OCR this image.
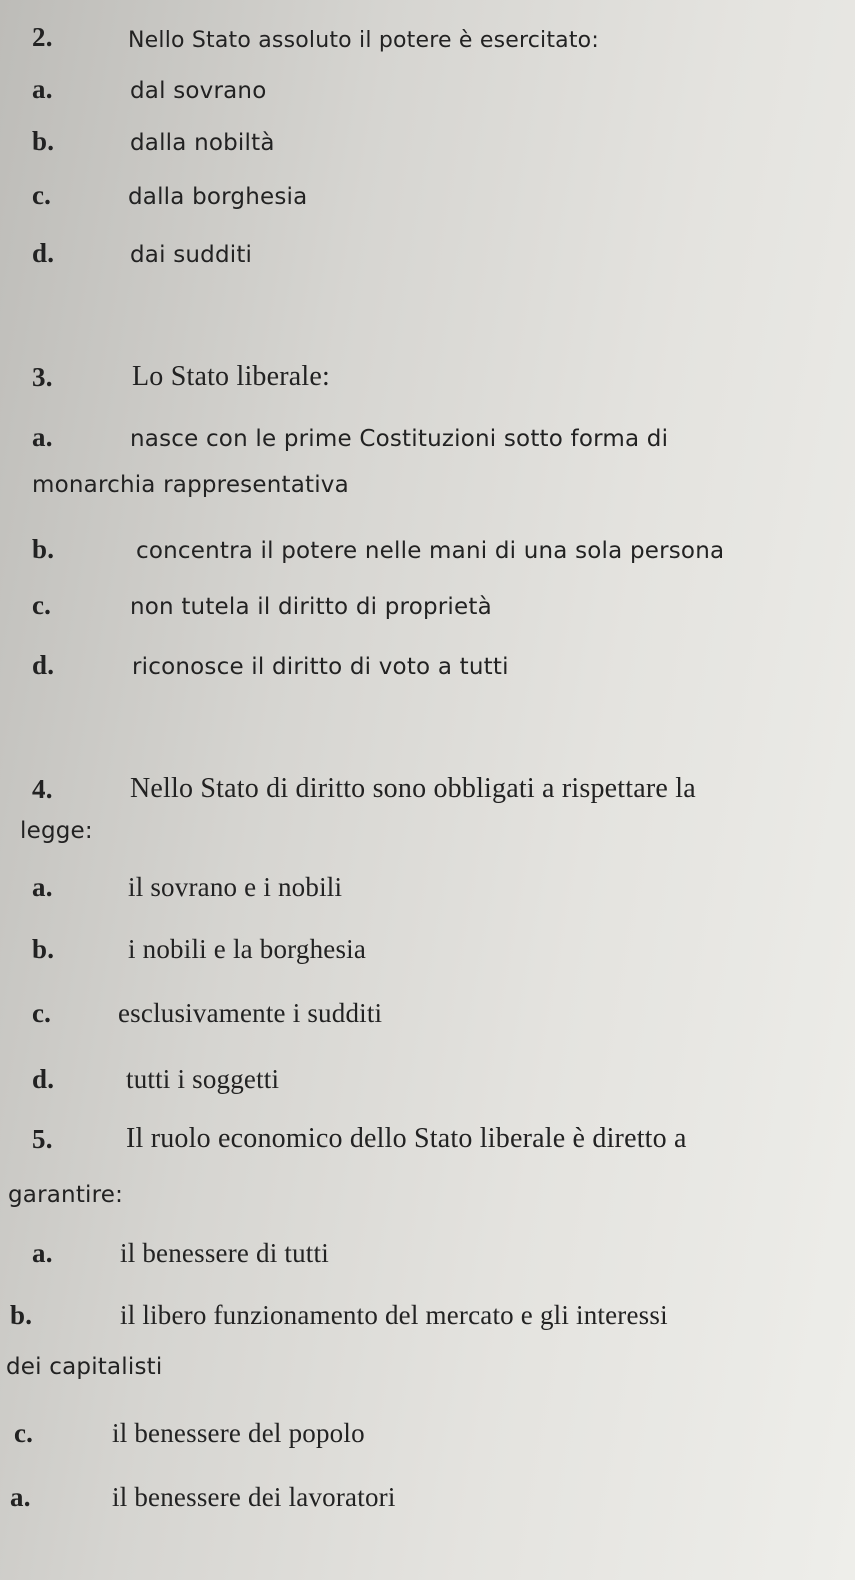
2.	Nello Stato assoluto il potere è esercitato:
a.	dal sovrano
b.	dalla nobiltà
c.	dalla borghesia
d.	dai sudditi
3.	Lo Stato liberale:
a.	nasce con le prime Costituzioni sotto forma di
monarchia rappresentativa
b.	concentra il potere nelle mani di una sola persona
c.	non tutela il diritto di proprietà
d.	riconosce il diritto di voto a tutti
4.	Nello Stato di diritto sono obbligati a rispettare la
legge:
a.	il sovrano e i nobili
b.	i nobili e la borghesia
c. esclusivamente i sudditi
d.	tutti i soggetti
5.	Il ruolo economico dello Stato liberale è diretto a
garantire:
a. il benessere di tutti
b.	il libero funzionamento del mercato e gli interessi
dei capitalisti
c.	il benessere del popolo
a.	il benessere dei lavoratori
